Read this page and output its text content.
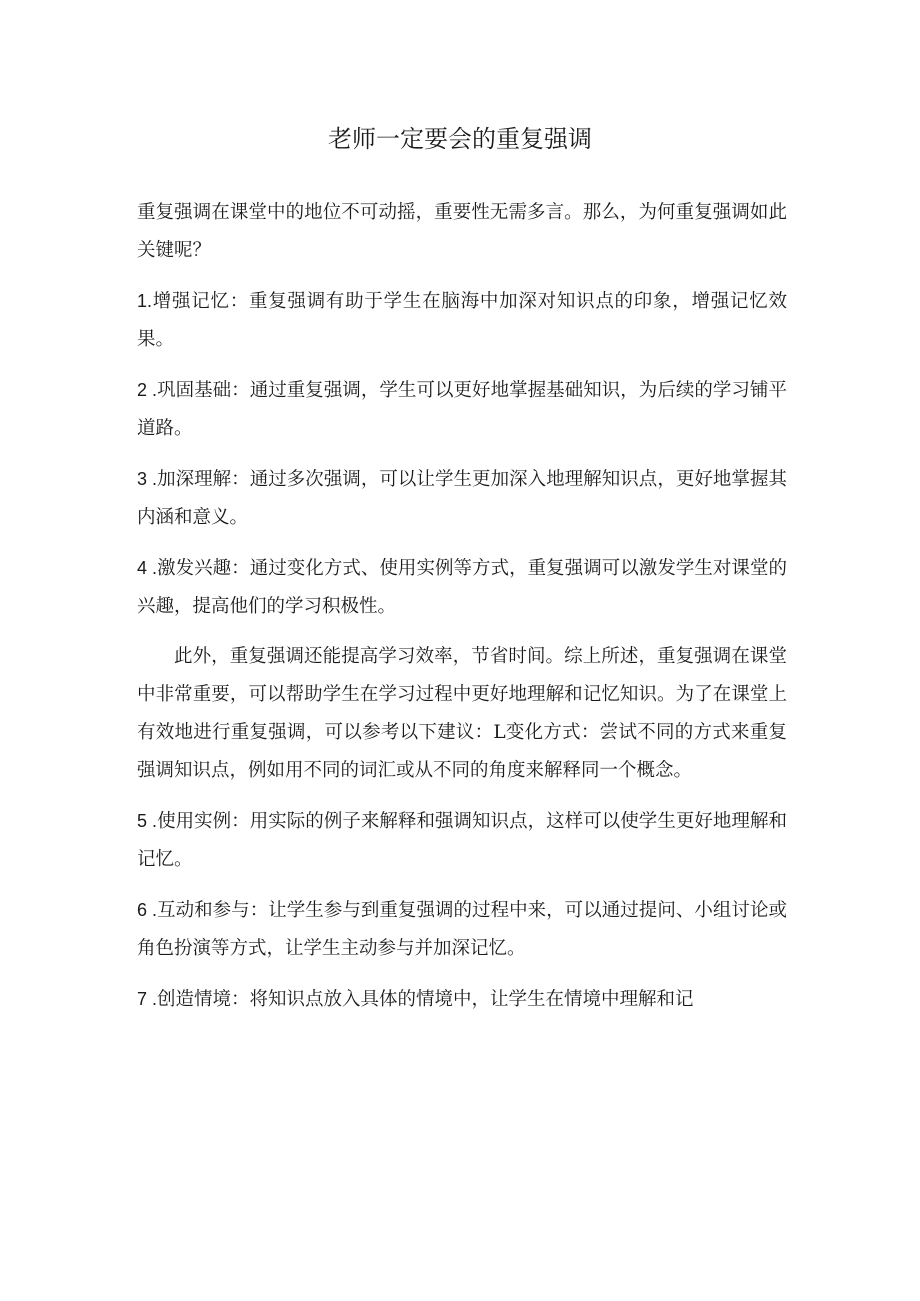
老师一定要会的重复强调

重复强调在课堂中的地位不可动摇，重要性无需多言。那么，为何重复强调如此关键呢？

1.增强记忆：重复强调有助于学生在脑海中加深对知识点的印象，增强记忆效果。

2 .巩固基础：通过重复强调，学生可以更好地掌握基础知识，为后续的学习铺平道路。

3 .加深理解：通过多次强调，可以让学生更加深入地理解知识点，更好地掌握其内涵和意义。

4 .激发兴趣：通过变化方式、使用实例等方式，重复强调可以激发学生对课堂的兴趣，提高他们的学习积极性。

此外，重复强调还能提高学习效率，节省时间。综上所述，重复强调在课堂中非常重要，可以帮助学生在学习过程中更好地理解和记忆知识。为了在课堂上有效地进行重复强调，可以参考以下建议：L变化方式：尝试不同的方式来重复强调知识点，例如用不同的词汇或从不同的角度来解释同一个概念。

5 .使用实例：用实际的例子来解释和强调知识点，这样可以使学生更好地理解和记忆。

6 .互动和参与：让学生参与到重复强调的过程中来，可以通过提问、小组讨论或角色扮演等方式，让学生主动参与并加深记忆。

7 .创造情境：将知识点放入具体的情境中，让学生在情境中理解和记
